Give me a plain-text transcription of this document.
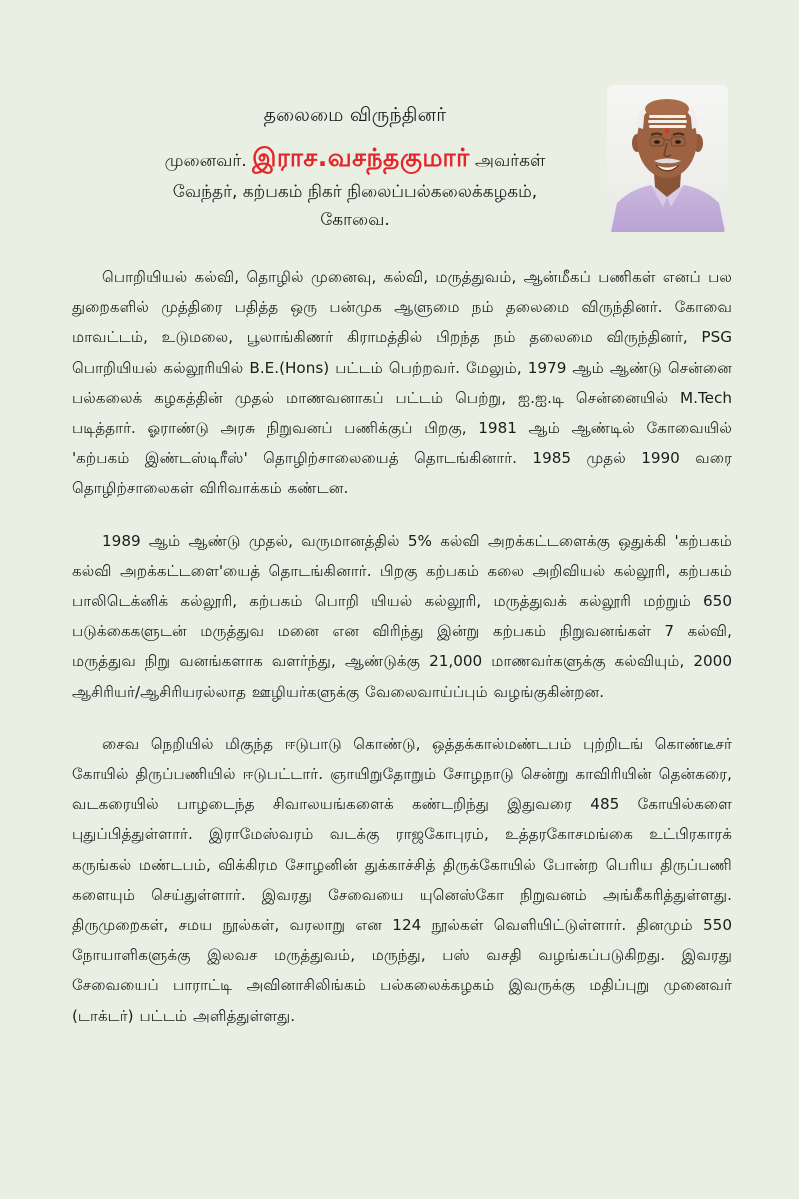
தலைமை விருந்தினர்
முனைவர். இராச.வசந்தகுமார் அவர்கள்
வேந்தர், கற்பகம் நிகர் நிலைப்பல்கலைக்கழகம்,
கோவை.

பொறியியல் கல்வி, தொழில் முனைவு, கல்வி, மருத்துவம், ஆன்மீகப் பணிகள் எனப் பல துறைகளில் முத்திரை பதித்த ஒரு பன்முக ஆளுமை நம் தலைமை விருந்தினர். கோவை மாவட்டம், உடுமலை, பூலாங்கிணர் கிராமத்தில் பிறந்த நம் தலைமை விருந்தினர், PSG பொறியியல் கல்லூரியில் B.E.(Hons) பட்டம் பெற்றவர். மேலும், 1979 ஆம் ஆண்டு சென்னை பல்கலைக் கழகத்தின் முதல் மாணவனாகப் பட்டம் பெற்று, ஐ.ஐ.டி சென்னையில் M.Tech படித்தார். ஓராண்டு அரசு நிறுவனப் பணிக்குப் பிறகு, 1981 ஆம் ஆண்டில் கோவையில் 'கற்பகம் இண்டஸ்டிரீஸ்' தொழிற்சாலையைத் தொடங்கினார். 1985 முதல் 1990 வரை தொழிற்சாலைகள் விரிவாக்கம் கண்டன.

1989 ஆம் ஆண்டு முதல், வருமானத்தில் 5% கல்வி அறக்கட்டளைக்கு ஒதுக்கி 'கற்பகம் கல்வி அறக்கட்டளை'யைத் தொடங்கினார். பிறகு கற்பகம் கலை அறிவியல் கல்லூரி, கற்பகம் பாலிடெக்னிக் கல்லூரி, கற்பகம் பொறி யியல் கல்லூரி, மருத்துவக் கல்லூரி மற்றும் 650 படுக்கைகளுடன் மருத்துவ மனை என விரிந்து இன்று கற்பகம் நிறுவனங்கள் 7 கல்வி, மருத்துவ நிறு வனங்களாக வளர்ந்து, ஆண்டுக்கு 21,000 மாணவர்களுக்கு கல்வியும், 2000 ஆசிரியர்/ஆசிரியரல்லாத ஊழியர்களுக்கு வேலைவாய்ப்பும் வழங்குகின்றன.

சைவ நெறியில் மிகுந்த ஈடுபாடு கொண்டு, ஒத்தக்கால்மண்டபம் புற்றிடங் கொண்டீசர் கோயில் திருப்பணியில் ஈடுபட்டார். ஞாயிறுதோறும் சோழநாடு சென்று காவிரியின் தென்கரை, வடகரையில் பாழடைந்த சிவாலயங்களைக் கண்டறிந்து இதுவரை 485 கோயில்களை புதுப்பித்துள்ளார். இராமேஸ்வரம் வடக்கு ராஜகோபுரம், உத்தரகோசமங்கை உட்பிரகாரக் கருங்கல் மண்டபம், விக்கிரம சோழனின் துக்காச்சித் திருக்கோயில் போன்ற பெரிய திருப்பணி களையும் செய்துள்ளார். இவரது சேவையை யுனெஸ்கோ நிறுவனம் அங்கீகரித்துள்ளது. திருமுறைகள், சமய நூல்கள், வரலாறு என 124 நூல்கள் வெளியிட்டுள்ளார். தினமும் 550 நோயாளிகளுக்கு இலவச மருத்துவம், மருந்து, பஸ் வசதி வழங்கப்படுகிறது. இவரது சேவையைப் பாராட்டி அவினாசிலிங்கம் பல்கலைக்கழகம் இவருக்கு மதிப்புறு முனைவர் (டாக்டர்) பட்டம் அளித்துள்ளது.
